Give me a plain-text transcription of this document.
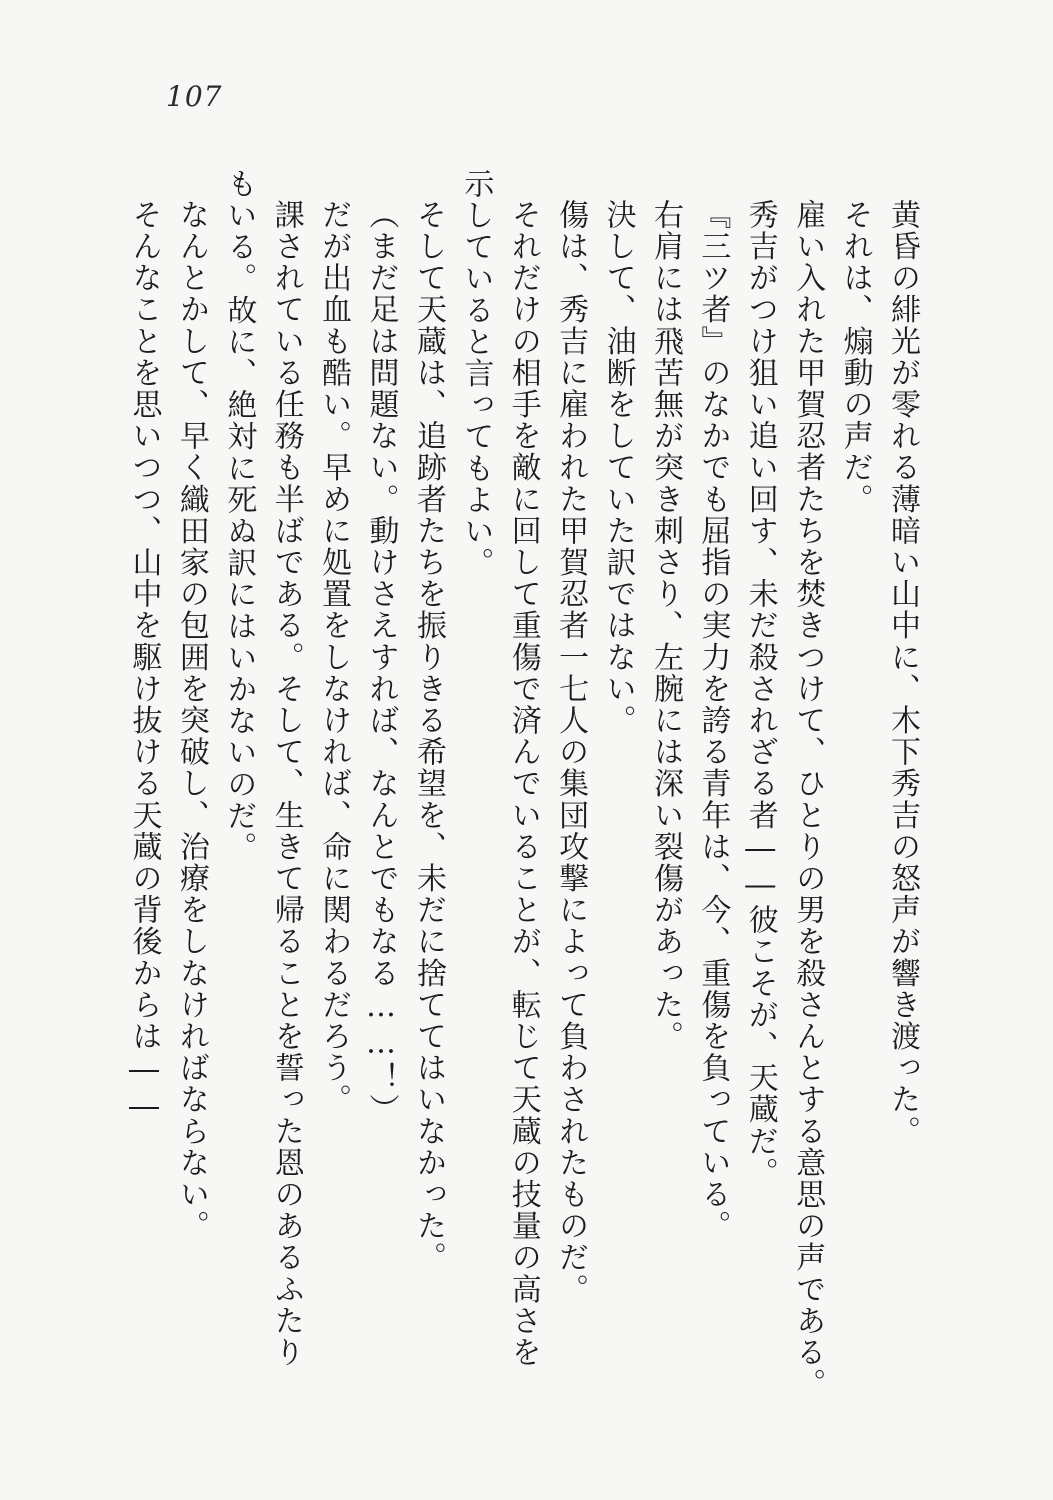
107

黄昏の緋光が零れる薄暗い山中に、木下秀吉の怒声が響き渡った。

それは、煽動の声だ。

雇い入れた甲賀忍者たちを焚きつけて、ひとりの男を殺さんとする意思の声である。

秀吉がつけ狙い追い回す、未だ殺されざる者――彼こそが、天蔵だ。

『三ツ者』のなかでも屈指の実力を誇る青年は、今、重傷を負っている。

右肩には飛苦無が突き刺さり、左腕には深い裂傷があった。

決して、油断をしていた訳ではない。

傷は、秀吉に雇われた甲賀忍者一七人の集団攻撃によって負わされたものだ。

それだけの相手を敵に回して重傷で済んでいることが、転じて天蔵の技量の高さを

示していると言ってもよい。

そして天蔵は、追跡者たちを振りきる希望を、未だに捨ててはいなかった。

（まだ足は問題ない。動けさえすれば、なんとでもなる……！）

だが出血も酷い。早めに処置をしなければ、命に関わるだろう。

課されている任務も半ばである。そして、生きて帰ることを誓った恩のあるふたり

もいる。故に、絶対に死ぬ訳にはいかないのだ。

なんとかして、早く織田家の包囲を突破し、治療をしなければならない。

そんなことを思いつつ、山中を駆け抜ける天蔵の背後からは――
